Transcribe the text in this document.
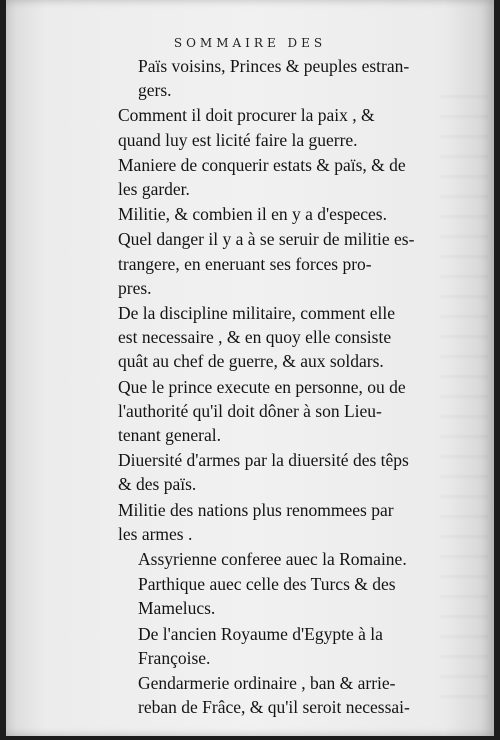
SOMMAIRE DES
Païs voisins, Princes & peuples estran-
gers.
Comment il doit procurer la paix , &
quand luy est licité faire la guerre.
Maniere de conquerir estats & païs, & de
les garder.
Militie, & combien il en y a d'especes.
Quel danger il y a à se seruir de militie es-
trangere, en eneruant ses forces pro-
pres.
De la discipline militaire, comment elle
est necessaire , & en quoy elle consiste
quât au chef de guerre, & aux soldars.
Que le prince execute en personne, ou de
l'authorité qu'il doit dôner à son Lieu-
tenant general.
Diuersité d'armes par la diuersité des têps
& des païs.
Militie des nations plus renommees par
les armes .
Assyrienne conferee auec la Romaine.
Parthique auec celle des Turcs & des
Mamelucs.
De l'ancien Royaume d'Egypte à la
Françoise.
Gendarmerie ordinaire , ban & arrie-
reban de Frâce, & qu'il seroit necessai-
